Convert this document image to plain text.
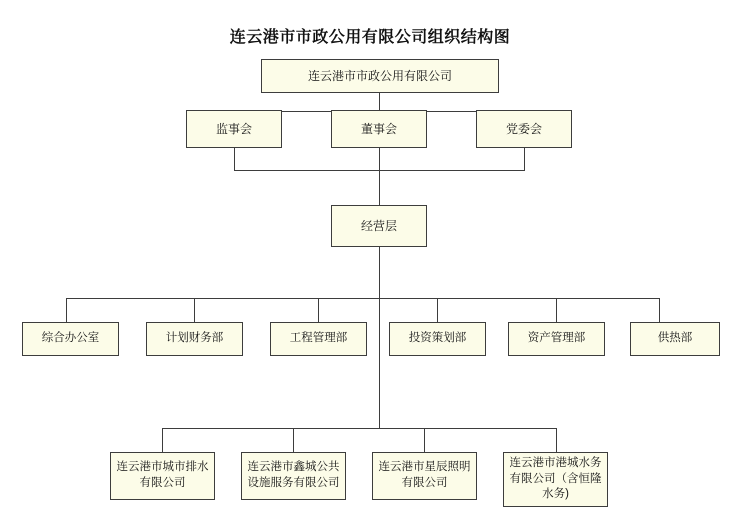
连云港市市政公用有限公司组织结构图
连云港市市政公用有限公司
监事会	董事会	党委会
经营层
综合办公室	计划财务部	工程管理部	投资策划部	资产管理部	供热部
连云港市城市排水有限公司
连云港市鑫城公共设施服务有限公司
连云港市星辰照明有限公司
连云港市港城水务有限公司（含恒隆水务)
